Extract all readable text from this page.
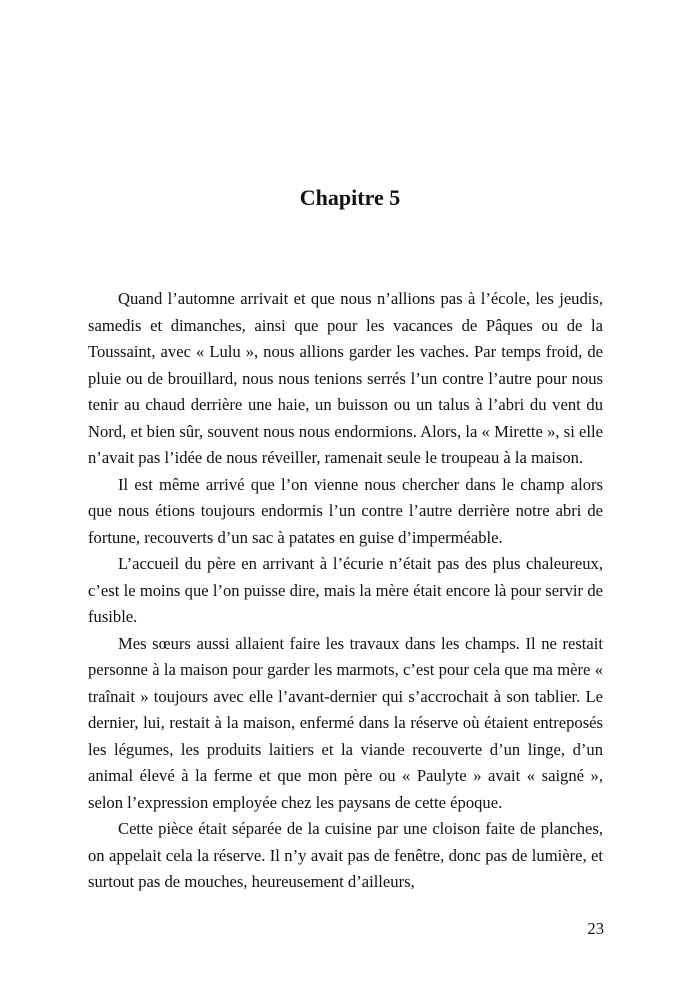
Chapitre 5

Quand l’automne arrivait et que nous n’allions pas à l’école, les jeudis, samedis et dimanches, ainsi que pour les vacances de Pâques ou de la Toussaint, avec « Lulu », nous allions garder les vaches. Par temps froid, de pluie ou de brouillard, nous nous tenions serrés l’un contre l’autre pour nous tenir au chaud derrière une haie, un buisson ou un talus à l’abri du vent du Nord, et bien sûr, souvent nous nous endormions. Alors, la « Mirette », si elle n’avait pas l’idée de nous réveiller, ramenait seule le troupeau à la maison.

Il est même arrivé que l’on vienne nous chercher dans le champ alors que nous étions toujours endormis l’un contre l’autre derrière notre abri de fortune, recouverts d’un sac à patates en guise d’imperméable.

L’accueil du père en arrivant à l’écurie n’était pas des plus chaleureux, c’est le moins que l’on puisse dire, mais la mère était encore là pour servir de fusible.

Mes sœurs aussi allaient faire les travaux dans les champs. Il ne restait personne à la maison pour garder les marmots, c’est pour cela que ma mère « traînait » toujours avec elle l’avant-dernier qui s’accrochait à son tablier. Le dernier, lui, restait à la maison, enfermé dans la réserve où étaient entreposés les légumes, les produits laitiers et la viande recouverte d’un linge, d’un animal élevé à la ferme et que mon père ou « Paulyte » avait « saigné », selon l’expression employée chez les paysans de cette époque.

Cette pièce était séparée de la cuisine par une cloison faite de planches, on appelait cela la réserve. Il n’y avait pas de fenêtre, donc pas de lumière, et surtout pas de mouches, heureusement d’ailleurs,

23
